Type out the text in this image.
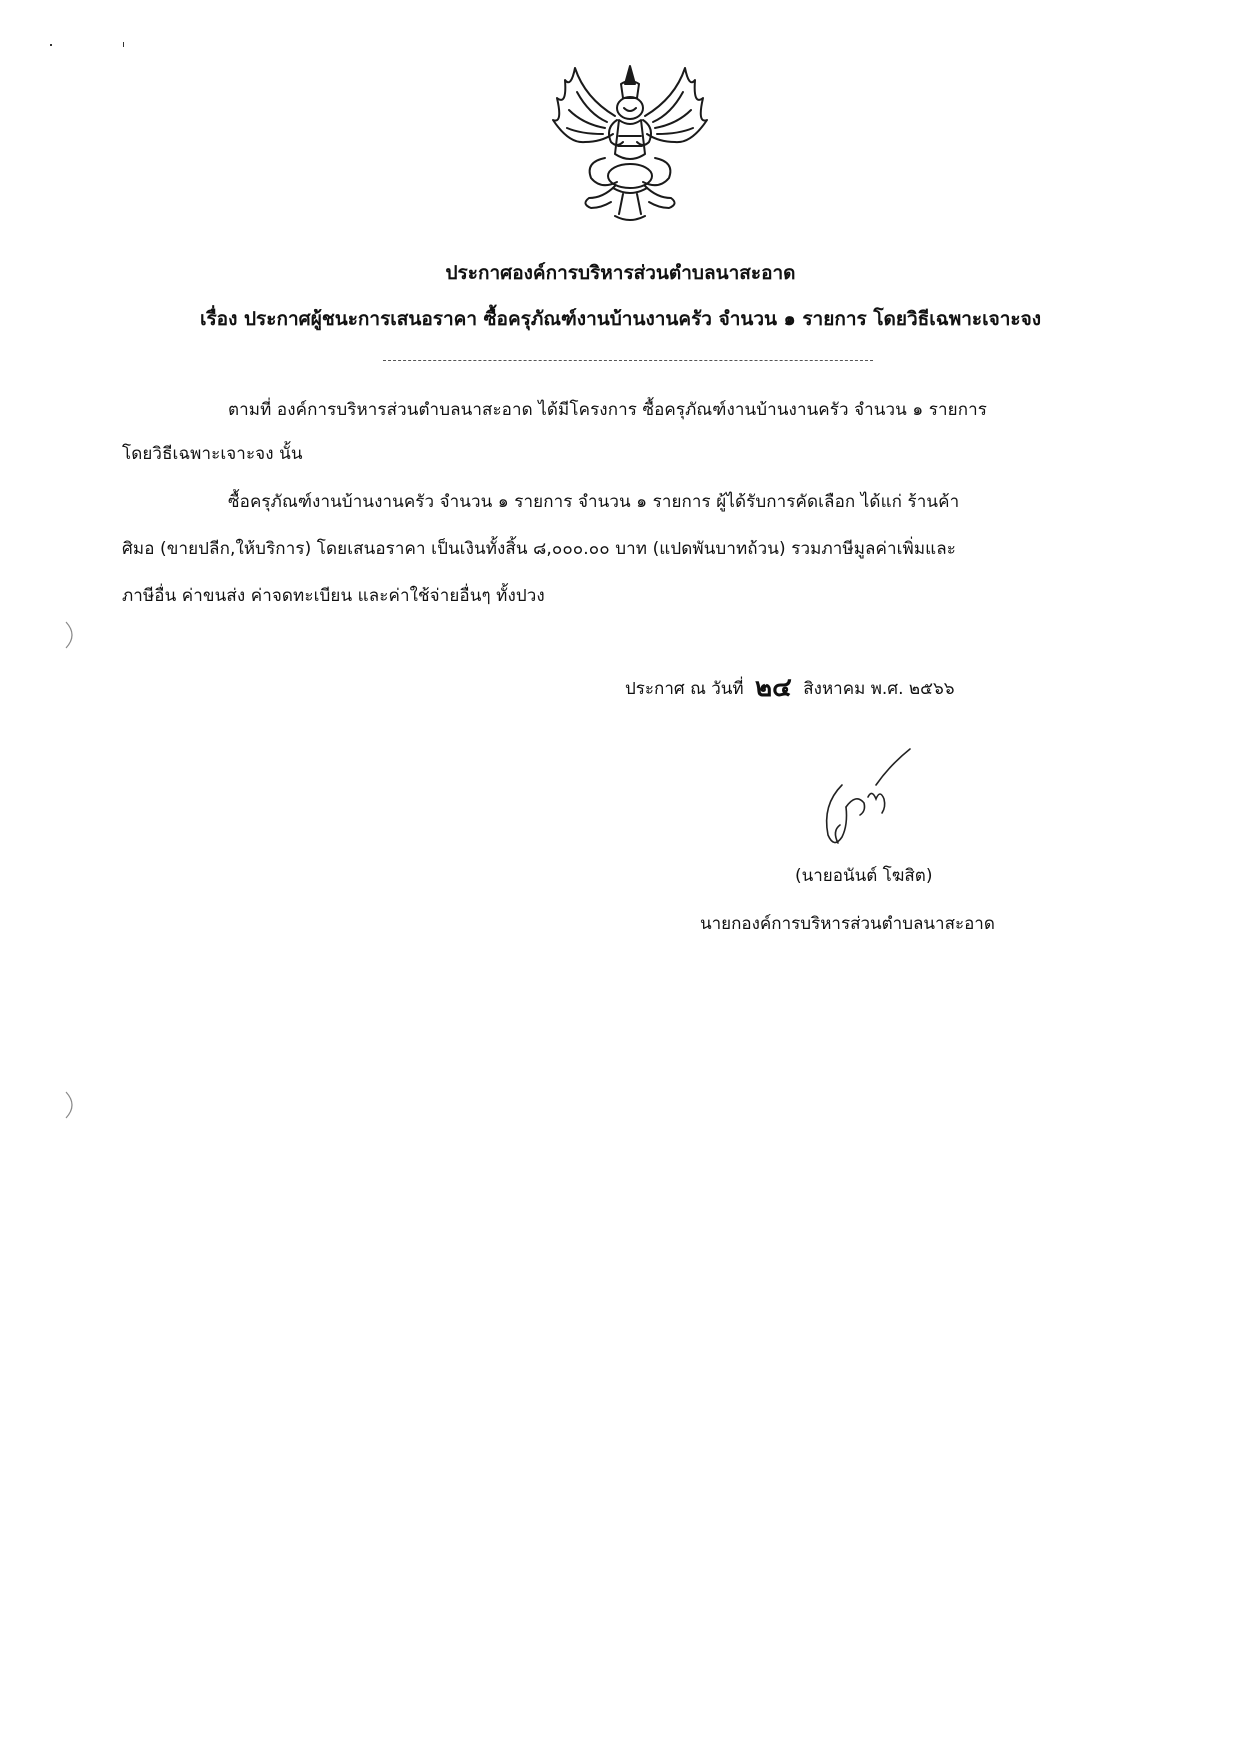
ประกาศองค์การบริหารส่วนตำบลนาสะอาด
เรื่อง ประกาศผู้ชนะการเสนอราคา ซื้อครุภัณฑ์งานบ้านงานครัว จำนวน ๑ รายการ โดยวิธีเฉพาะเจาะจง
ตามที่ องค์การบริหารส่วนตำบลนาสะอาด ได้มีโครงการ ซื้อครุภัณฑ์งานบ้านงานครัว จำนวน ๑ รายการ
โดยวิธีเฉพาะเจาะจง นั้น
ซื้อครุภัณฑ์งานบ้านงานครัว จำนวน ๑ รายการ จำนวน ๑ รายการ ผู้ได้รับการคัดเลือก ได้แก่ ร้านค้า
ศิมอ (ขายปลีก,ให้บริการ) โดยเสนอราคา เป็นเงินทั้งสิ้น ๘,๐๐๐.๐๐ บาท (แปดพันบาทถ้วน) รวมภาษีมูลค่าเพิ่มและ
ภาษีอื่น ค่าขนส่ง ค่าจดทะเบียน และค่าใช้จ่ายอื่นๆ ทั้งปวง
ประกาศ ณ วันที่ ๒๔ สิงหาคม พ.ศ. ๒๕๖๖
(นายอนันต์ โฆสิต)
นายกองค์การบริหารส่วนตำบลนาสะอาด
